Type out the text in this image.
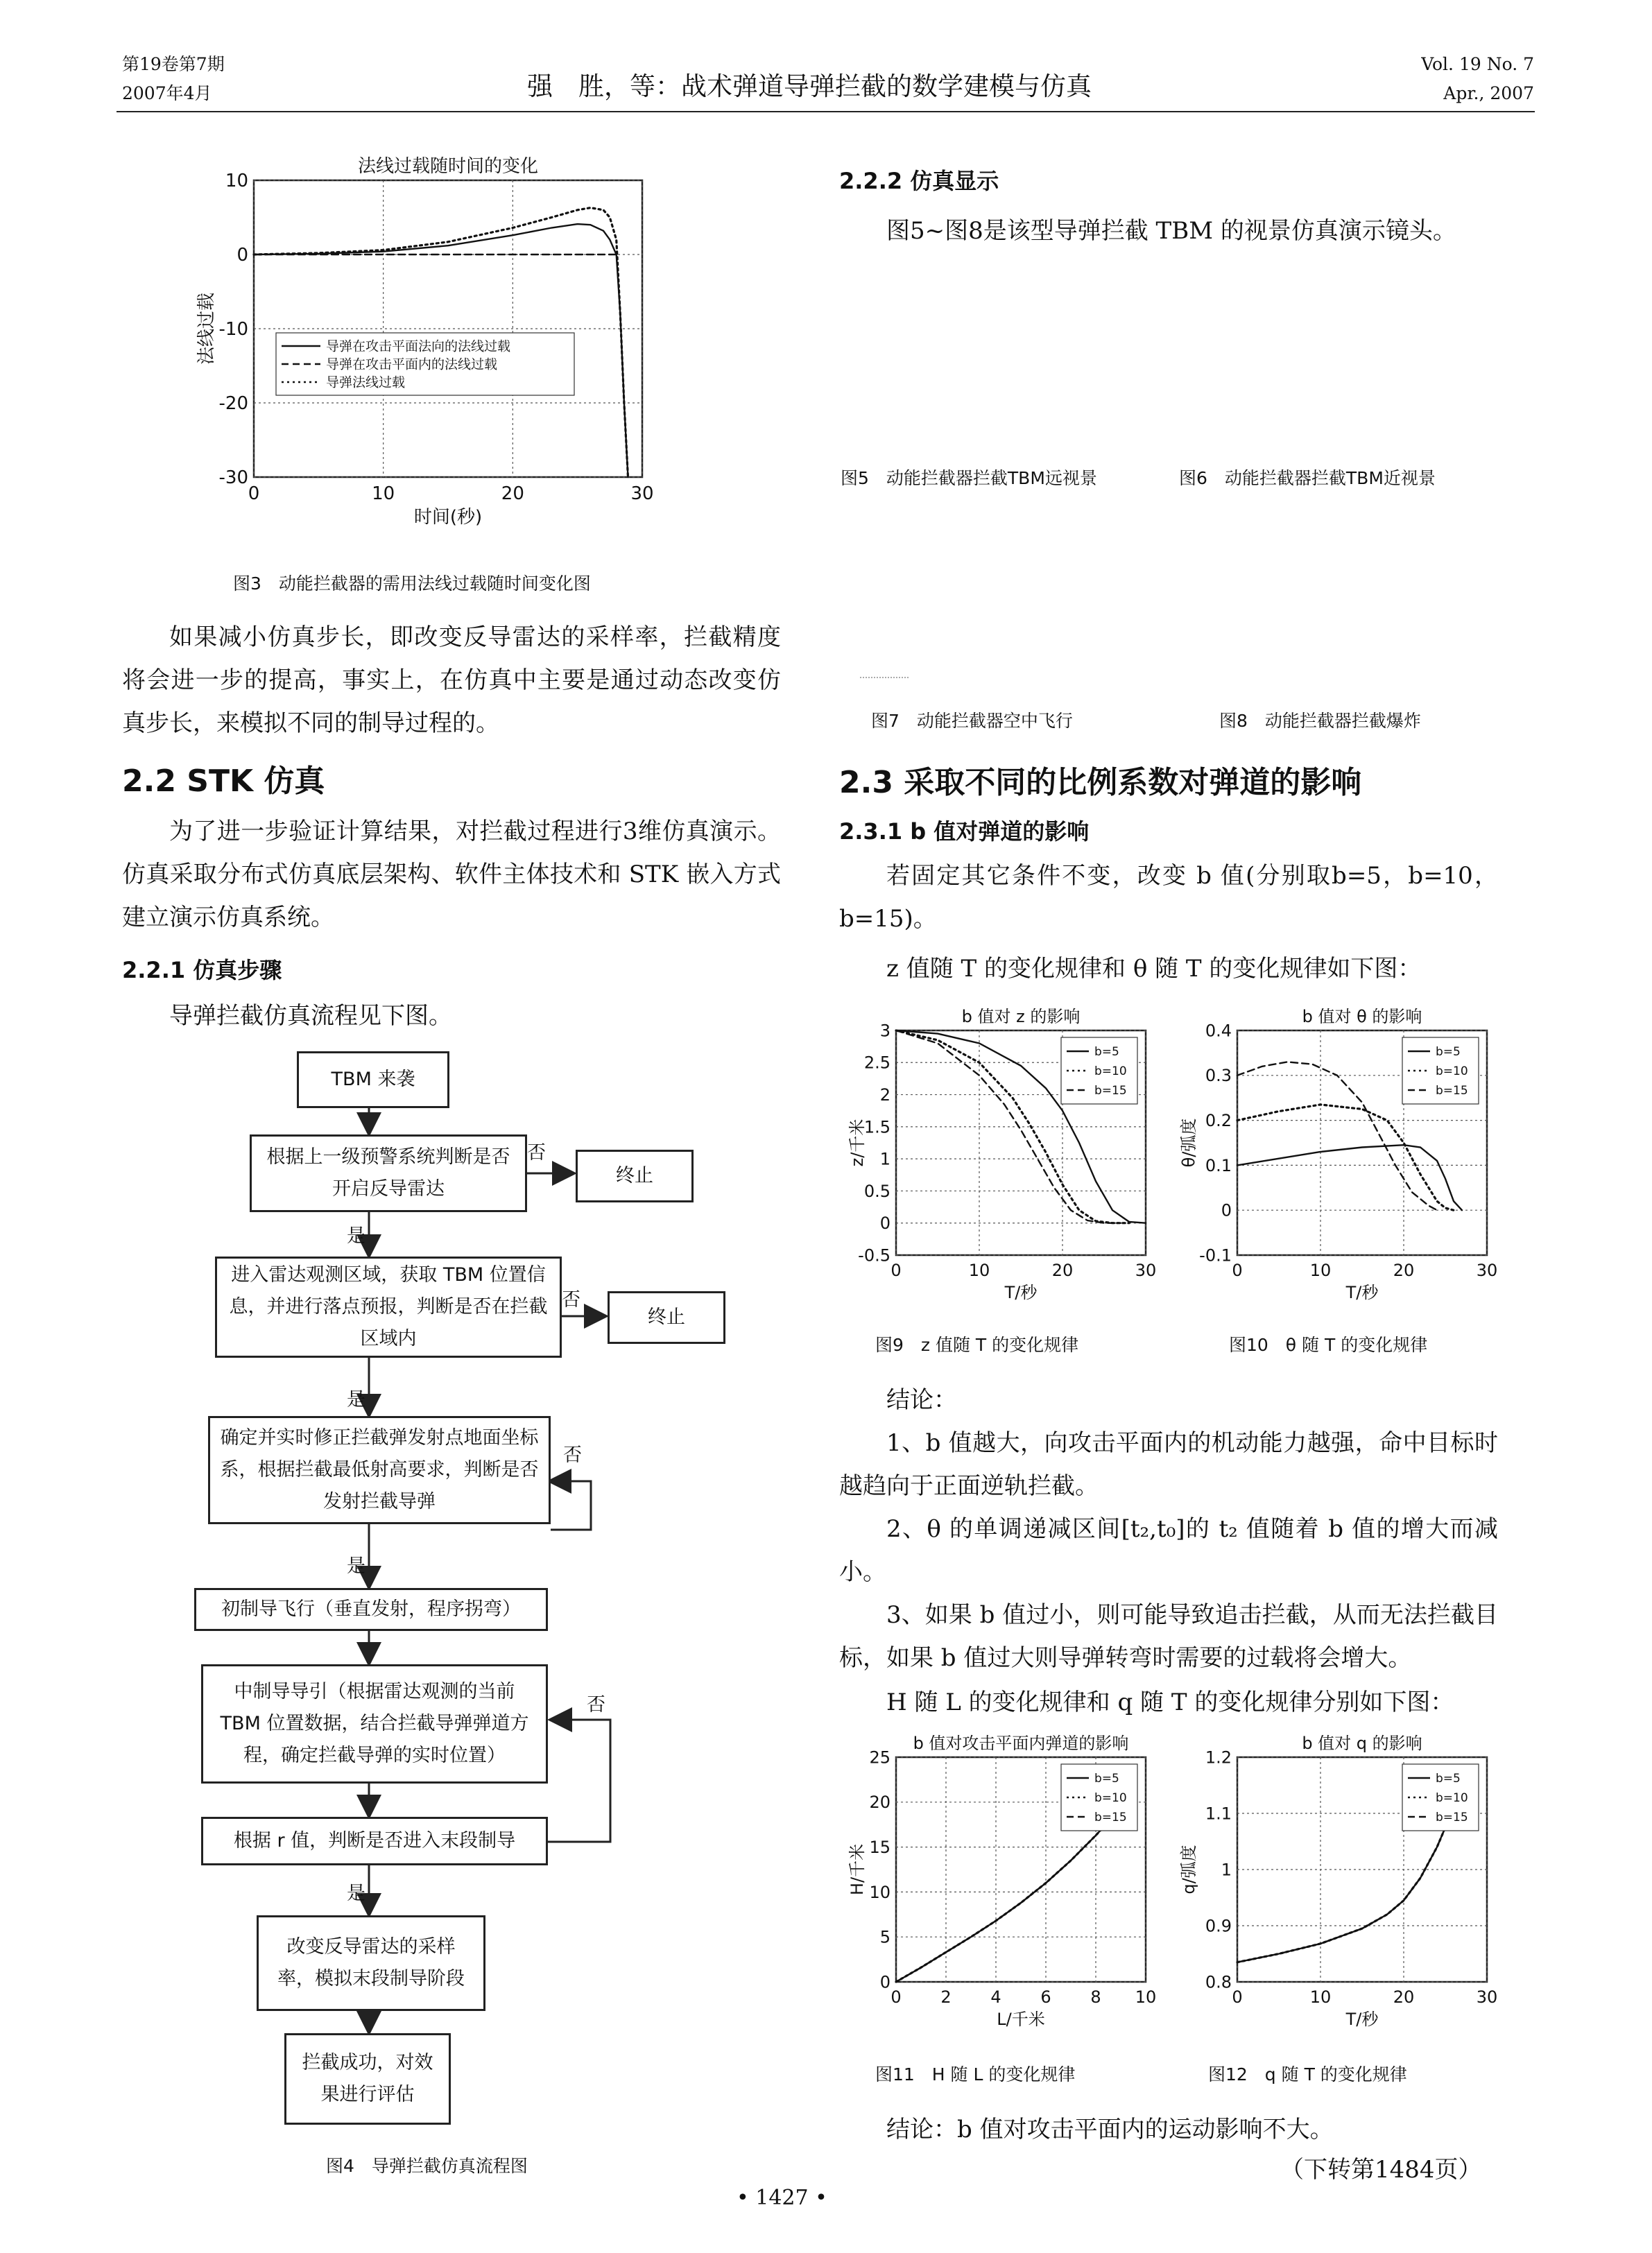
第19卷第7期
2007年4月	强　胜，等：战术弹道导弹拦截的数学建模与仿真
Vol. 19 No. 7
Apr., 2007
0	10	20	30
10
0
-10
-20
-30
法线过载随时间的变化
时间(秒)
法线过载	导弹在攻击平面法向的法线过载
导弹在攻击平面内的法线过载
导弹法线过载
图3　动能拦截器的需用法线过载随时间变化图
如果减小仿真步长，即改变反导雷达的采样率，拦截精度将会进一步的提高，事实上，在仿真中主要是通过动态改变仿真步长，来模拟不同的制导过程的。
2.2 STK 仿真
为了进一步验证计算结果，对拦截过程进行3维仿真演示。仿真采取分布式仿真底层架构、软件主体技术和 STK 嵌入方式建立演示仿真系统。
2.2.1 仿真步骤
导弹拦截仿真流程见下图。
TBM 来袭
根据上一级预警系统判断是否开启反导雷达
终止
进入雷达观测区域，获取 TBM 位置信息，并进行落点预报，判断是否在拦截区域内
终止
确定并实时修正拦截弹发射点地面坐标系，根据拦截最低射高要求，判断是否发射拦截导弹
初制导飞行（垂直发射，程序拐弯）
中制导导引（根据雷达观测的当前 TBM 位置数据，结合拦截导弹弹道方程，确定拦截导弹的实时位置）
根据 r 值，判断是否进入末段制导
改变反导雷达的采样率，模拟末段制导阶段
拦截成功，对效果进行评估
是
否
是
否
是
否
是
否
图4　导弹拦截仿真流程图
2.2.2 仿真显示
图5~图8是该型导弹拦截 TBM 的视景仿真演示镜头。
图5　动能拦截器拦截TBM远视景	图6　动能拦截器拦截TBM近视景
图7　动能拦截器空中飞行	图8　动能拦截器拦截爆炸
2.3 采取不同的比例系数对弹道的影响
2.3.1 b 值对弹道的影响
若固定其它条件不变，改变 b 值(分别取b=5，b=10，b=15)。
z 值随 T 的变化规律和 θ 随 T 的变化规律如下图：
0	10	20	30
3
2.5
2
1.5
1
0.5
0
-0.5
b 值对 z 的影响
T/秒
z/千米
b=5
b=10
b=15
0	10	20	30
0.4
0.3
0.2
0.1
0
-0.1
b 值对 θ 的影响
T/秒
θ/弧度
b=5
b=10
b=15
图9　z 值随 T 的变化规律	图10　θ 随 T 的变化规律
结论：
1、b 值越大，向攻击平面内的机动能力越强，命中目标时越趋向于正面逆轨拦截。
2、θ 的单调递减区间[t₂,t₀]的 t₂ 值随着 b 值的增大而减小。
3、如果 b 值过小，则可能导致追击拦截，从而无法拦截目标，如果 b 值过大则导弹转弯时需要的过载将会增大。
H 随 L 的变化规律和 q 随 T 的变化规律分别如下图：
0 2 4 6 8 10
25
20
15
10
5
0
b 值对攻击平面内弹道的影响
L/千米
H/千米
b=5
b=10
b=15
0	10	20	30
1.2
1.1
1
0.9
0.8
b 值对 q 的影响
T/秒
q/弧度
b=5
b=10
b=15
图11　H 随 L 的变化规律	图12　q 随 T 的变化规律
结论：b 值对攻击平面内的运动影响不大。
（下转第1484页）
• 1427 •
